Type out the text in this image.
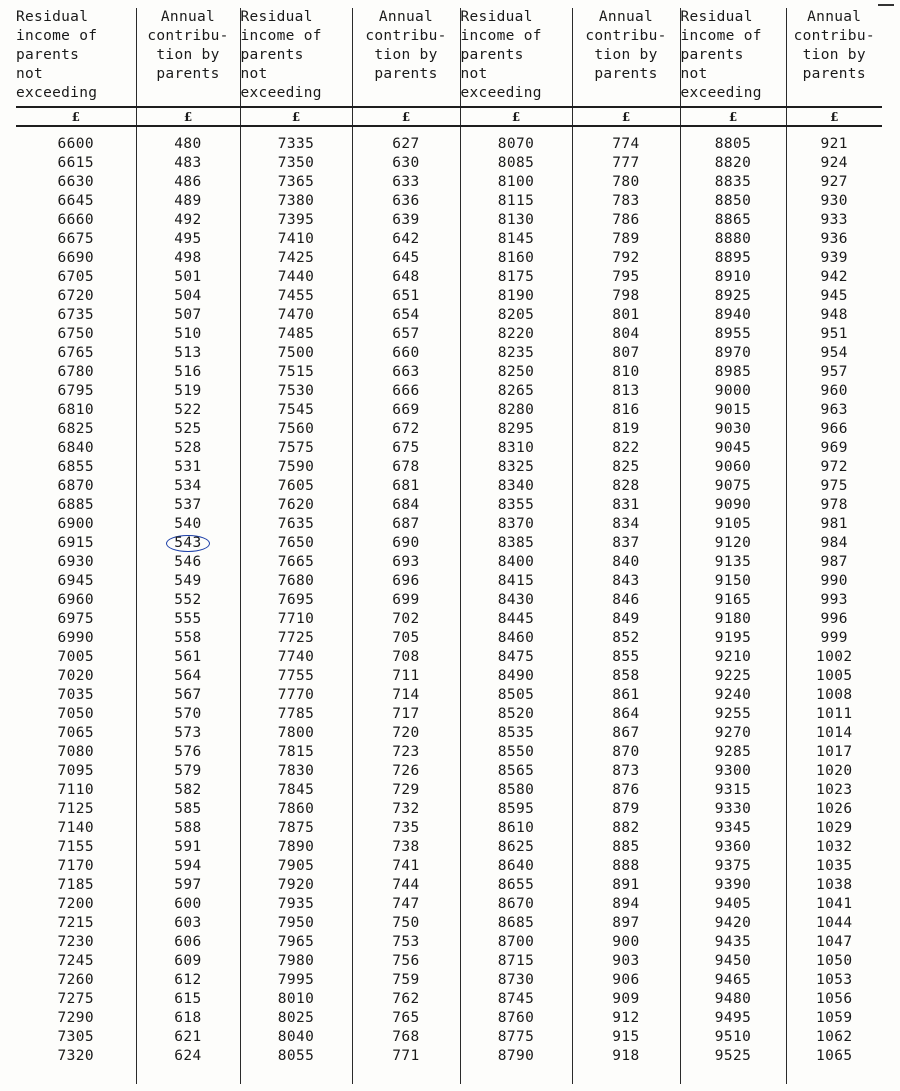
Residual
income of
parents
not
exceeding	Annual
contribu-
tion by
parents	Residual
income of
parents
not
exceeding	Annual
contribu-
tion by
parents	Residual
income of
parents
not
exceeding	Annual
contribu-
tion by
parents	Residual
income of
parents
not
exceeding	Annual
contribu-
tion by
parents

£	£	£	£	£	£	£	£

6600	480	7335	627	8070	774	8805	921
6615	483	7350	630	8085	777	8820	924
6630	486	7365	633	8100	780	8835	927
6645	489	7380	636	8115	783	8850	930
6660	492	7395	639	8130	786	8865	933
6675	495	7410	642	8145	789	8880	936
6690	498	7425	645	8160	792	8895	939
6705	501	7440	648	8175	795	8910	942
6720	504	7455	651	8190	798	8925	945
6735	507	7470	654	8205	801	8940	948
6750	510	7485	657	8220	804	8955	951
6765	513	7500	660	8235	807	8970	954
6780	516	7515	663	8250	810	8985	957
6795	519	7530	666	8265	813	9000	960
6810	522	7545	669	8280	816	9015	963
6825	525	7560	672	8295	819	9030	966
6840	528	7575	675	8310	822	9045	969
6855	531	7590	678	8325	825	9060	972
6870	534	7605	681	8340	828	9075	975
6885	537	7620	684	8355	831	9090	978
6900	540	7635	687	8370	834	9105	981
6915	543	7650	690	8385	837	9120	984
6930	546	7665	693	8400	840	9135	987
6945	549	7680	696	8415	843	9150	990
6960	552	7695	699	8430	846	9165	993
6975	555	7710	702	8445	849	9180	996
6990	558	7725	705	8460	852	9195	999
7005	561	7740	708	8475	855	9210	1002
7020	564	7755	711	8490	858	9225	1005
7035	567	7770	714	8505	861	9240	1008
7050	570	7785	717	8520	864	9255	1011
7065	573	7800	720	8535	867	9270	1014
7080	576	7815	723	8550	870	9285	1017
7095	579	7830	726	8565	873	9300	1020
7110	582	7845	729	8580	876	9315	1023
7125	585	7860	732	8595	879	9330	1026
7140	588	7875	735	8610	882	9345	1029
7155	591	7890	738	8625	885	9360	1032
7170	594	7905	741	8640	888	9375	1035
7185	597	7920	744	8655	891	9390	1038
7200	600	7935	747	8670	894	9405	1041
7215	603	7950	750	8685	897	9420	1044
7230	606	7965	753	8700	900	9435	1047
7245	609	7980	756	8715	903	9450	1050
7260	612	7995	759	8730	906	9465	1053
7275	615	8010	762	8745	909	9480	1056
7290	618	8025	765	8760	912	9495	1059
7305	621	8040	768	8775	915	9510	1062
7320	624	8055	771	8790	918	9525	1065
